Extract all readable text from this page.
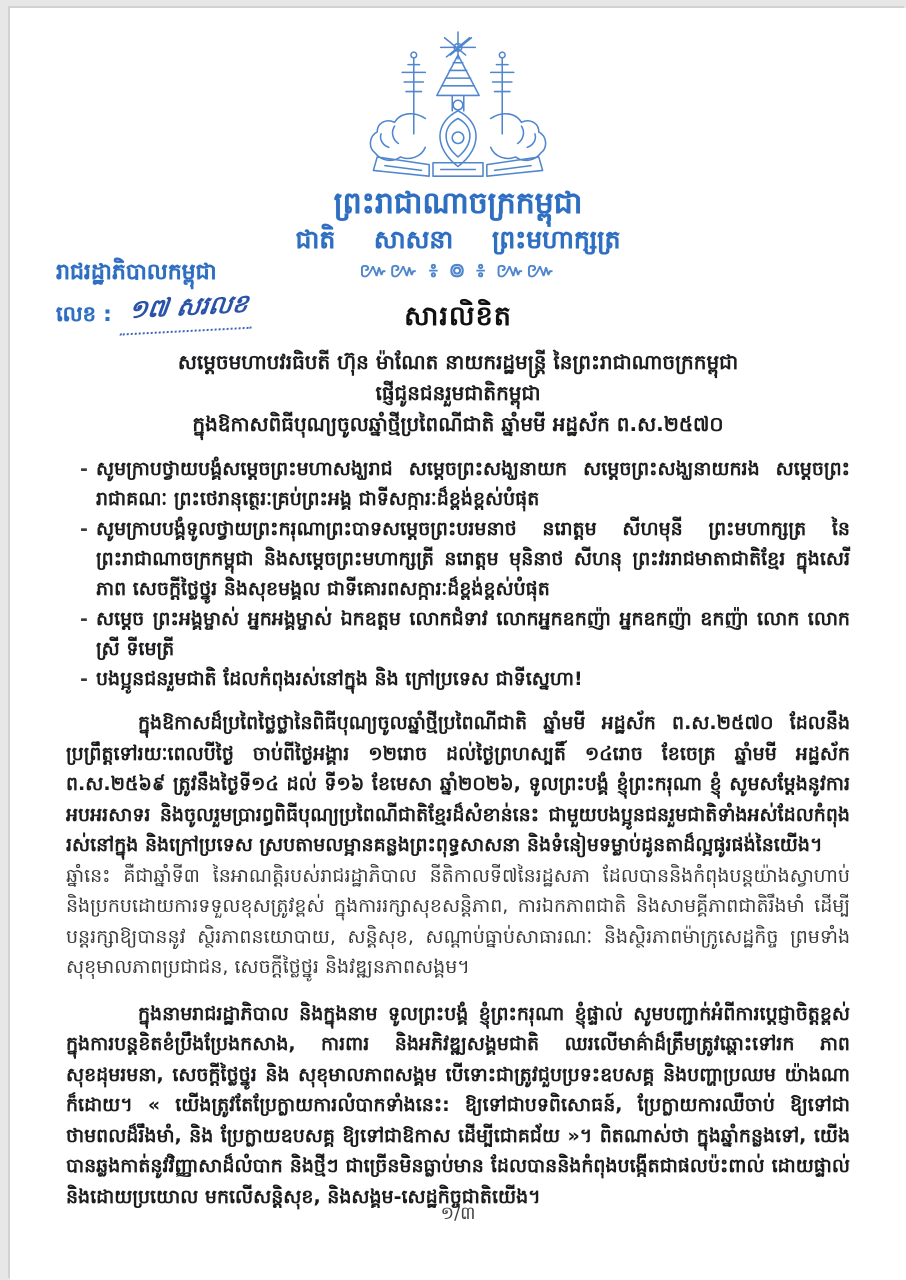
ព្រះរាជាណាចក្រកម្ពុជា
ជាតិ សាសនា ព្រះមហាក្សត្រ
៚៚ ៖ ៙ ៖ ៚៚
រាជរដ្ឋាភិបាលកម្ពុជា
លេខ : ១៧ សរលខ	សារលិខិត
សម្តេចមហាបវរធិបតី ហ៊ុន ម៉ាណែត នាយករដ្ឋមន្ត្រី នៃព្រះរាជាណាចក្រកម្ពុជា
ផ្ញើជូនជនរួមជាតិកម្ពុជា
ក្នុងឱកាសពិធីបុណ្យចូលឆ្នាំថ្មីប្រពៃណីជាតិ ឆ្នាំមមី អដ្ឋស័ក ព.ស.២៥៧០
- សូមក្រាបថ្វាយបង្គំសម្តេចព្រះមហាសង្ឃរាជ សម្តេចព្រះសង្ឃនាយក សម្តេចព្រះសង្ឃនាយករង សម្តេចព្រះរាជាគណៈ ព្រះថេរានុត្ថេរៈគ្រប់ព្រះអង្គ ជាទីសក្ការៈដ៏ខ្ពង់ខ្ពស់បំផុត
- សូមក្រាបបង្គំទូលថ្វាយព្រះករុណាព្រះបាទសម្តេចព្រះបរមនាថ នរោត្តម សីហមុនី ព្រះមហាក្សត្រ នៃព្រះរាជាណាចក្រកម្ពុជា និងសម្តេចព្រះមហាក្សត្រី នរោត្តម មុនិនាថ សីហនុ ព្រះវររាជមាតាជាតិខ្មែរ ក្នុងសេរីភាព សេចក្តីថ្លៃថ្នូរ និងសុខមង្គល ជាទីគោរពសក្ការៈដ៏ខ្ពង់ខ្ពស់បំផុត
- សម្តេច ព្រះអង្គម្ចាស់ អ្នកអង្គម្ចាស់ ឯកឧត្តម លោកជំទាវ លោកអ្នកឧកញ៉ា អ្នកឧកញ៉ា ឧកញ៉ា លោក លោកស្រី ទីមេត្រី
- បងប្អូនជនរួមជាតិ ដែលកំពុងរស់នៅក្នុង និង ក្រៅប្រទេស ជាទីស្នេហា!

ក្នុងឱកាសដ៏ប្រពៃថ្លៃថ្លានៃពិធីបុណ្យចូលឆ្នាំថ្មីប្រពៃណីជាតិ ឆ្នាំមមី អដ្ឋស័ក ព.ស.២៥៧០ ដែលនឹងប្រព្រឹត្តទៅរយៈពេលបីថ្ងៃ ចាប់ពីថ្ងៃអង្គារ ១២រោច ដល់ថ្ងៃព្រហស្បតិ៍ ១៤រោច ខែចេត្រ ឆ្នាំមមី អដ្ឋស័ក ព.ស.២៥៦៩ ត្រូវនឹងថ្ងៃទី១៤ ដល់ ទី១៦ ខែមេសា ឆ្នាំ២០២៦, ទូលព្រះបង្គំ ខ្ញុំព្រះករុណា ខ្ញុំ សូមសម្តែងនូវការអបអរសាទរ និងចូលរួមប្រារព្ធពិធីបុណ្យប្រពៃណីជាតិខ្មែរដ៏សំខាន់នេះ ជាមួយបងប្អូនជនរួមជាតិទាំងអស់ដែលកំពុងរស់នៅក្នុង និងក្រៅប្រទេស ស្របតាមលម្អានគន្លងព្រះពុទ្ធសាសនា និងទំនៀមទម្លាប់ដូនតាដ៏ល្អផូរផង់នៃយើង។

ឆ្នាំនេះ គឺជាឆ្នាំទី៣ នៃអាណត្តិរបស់រាជរដ្ឋាភិបាល នីតិកាលទី៧នៃរដ្ឋសភា ដែលបាននិងកំពុងបន្តយ៉ាងស្វាហាប់ និងប្រកបដោយការទទួលខុសត្រូវខ្ពស់ ក្នុងការរក្សាសុខសន្តិភាព, ការឯកភាពជាតិ និងសាមគ្គីភាពជាតិរឹងមាំ ដើម្បីបន្តរក្សាឱ្យបាននូវ ស្ថិរភាពនយោបាយ, សន្តិសុខ, សណ្តាប់ធ្នាប់សាធារណៈ និងស្ថិរភាពម៉ាក្រូសេដ្ឋកិច្ច ព្រមទាំងសុខុមាលភាពប្រជាជន, សេចក្តីថ្លៃថ្នូរ និងវឌ្ឍនភាពសង្គម។

ក្នុងនាមរាជរដ្ឋាភិបាល និងក្នុងនាម ទូលព្រះបង្គំ ខ្ញុំព្រះករុណា ខ្ញុំផ្ទាល់ សូមបញ្ជាក់អំពីការប្តេជ្ញាចិត្តខ្ពស់ ក្នុងការបន្តខិតខំប្រឹងប្រែងកសាង, ការពារ និងអភិវឌ្ឍសង្គមជាតិ ឈរលើមាគ៌ាដ៏ត្រឹមត្រូវឆ្ពោះទៅរក ភាពសុខដុមរមនា, សេចក្តីថ្លៃថ្នូរ និង សុខុមាលភាពសង្គម បើទោះជាត្រូវជួបប្រទះឧបសគ្គ និងបញ្ហាប្រឈម យ៉ាងណាក៏ដោយ។ « យើងត្រូវតែប្រែក្លាយការលំបាកទាំងនេះ: ឱ្យទៅជាបទពិសោធន៍, ប្រែក្លាយការឈឺចាប់ ឱ្យទៅជាថាមពលដ៏រឹងមាំ, និង ប្រែក្លាយឧបសគ្គ ឱ្យទៅជាឱកាស ដើម្បីជោគជ័យ »។ ពិតណាស់ថា ក្នុងឆ្នាំកន្លងទៅ, យើងបានឆ្លងកាត់នូវវិញ្ញាសាដ៏លំបាក និងថ្មីៗ ជាច្រើនមិនធ្លាប់មាន ដែលបាននិងកំពុងបង្កើតជាផលប៉ះពាល់ ដោយផ្ទាល់ និងដោយប្រយោល មកលើសន្តិសុខ, និងសង្គម-សេដ្ឋកិច្ចជាតិយើង។

១/៣
